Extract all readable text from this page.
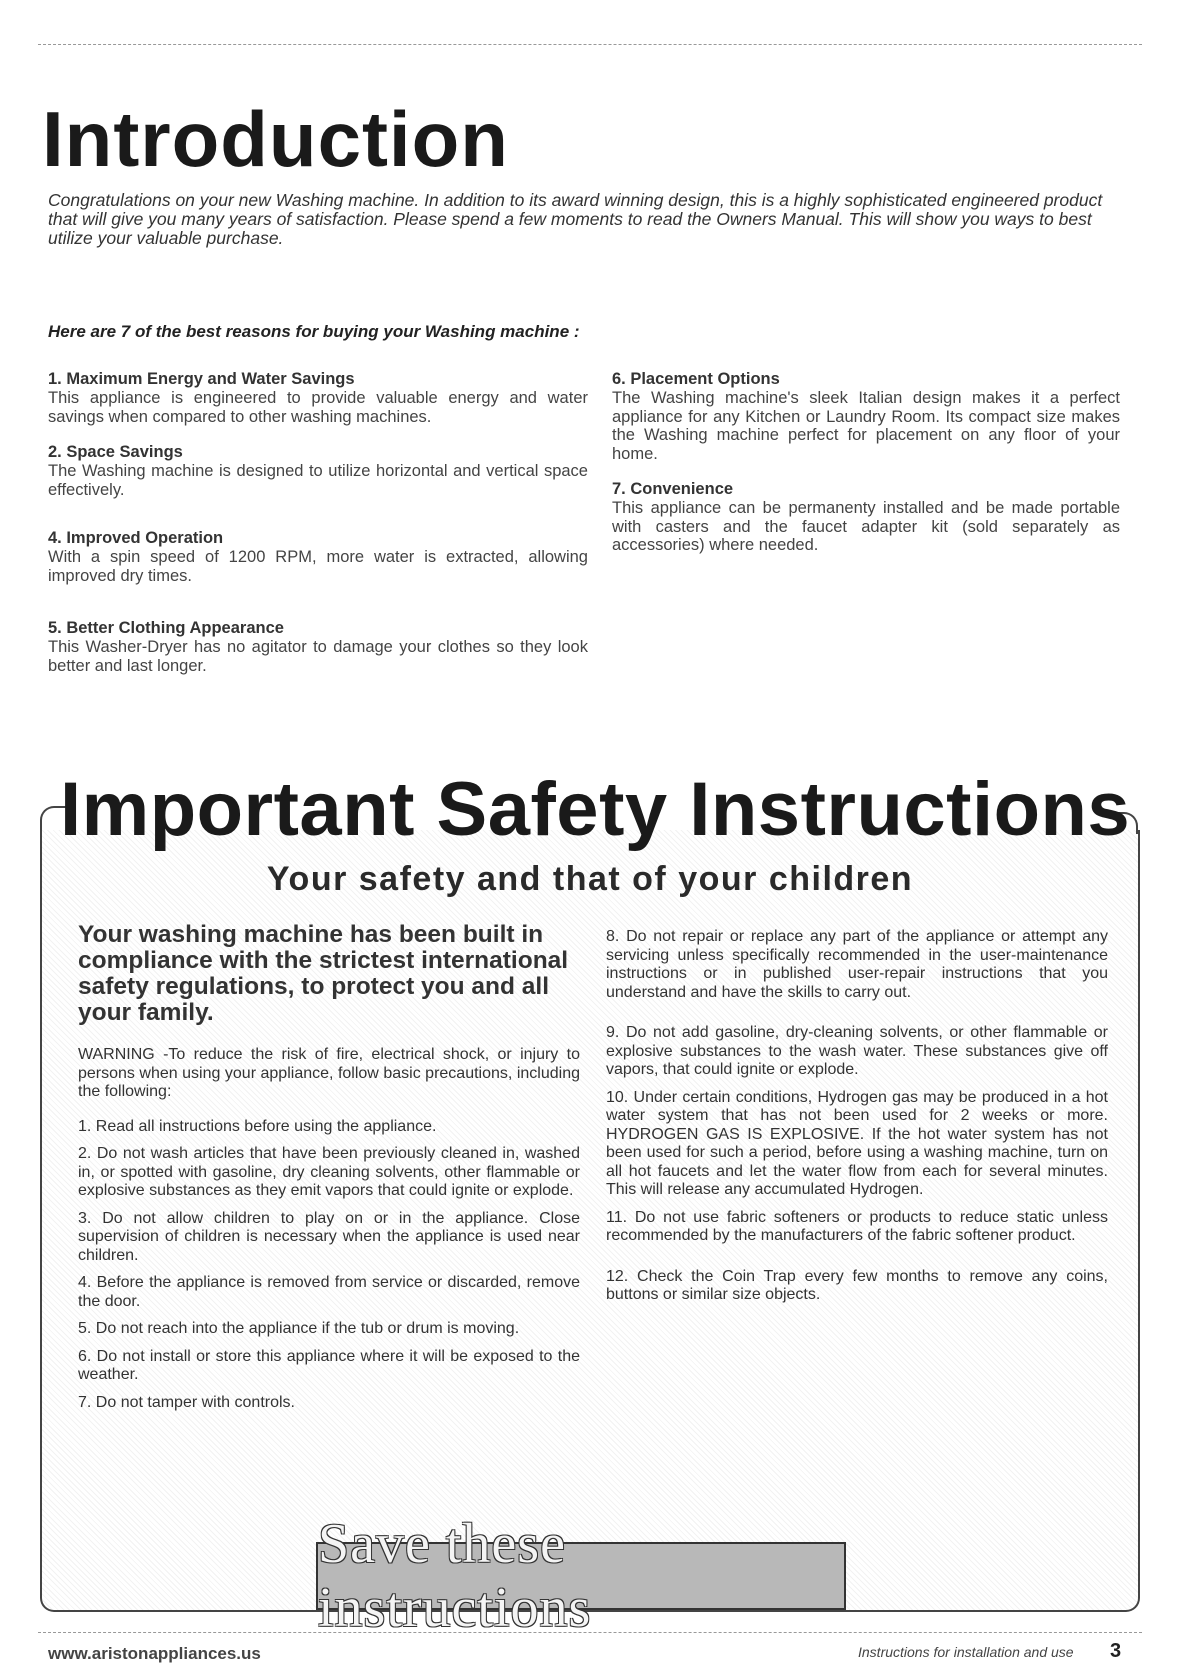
Introduction

Congratulations on your new Washing machine. In addition to its award winning design, this is a highly sophisticated engineered product that will give you many years of satisfaction. Please spend a few moments to read the Owners Manual. This will show you ways to best utilize your valuable purchase.

Here are 7 of the best reasons for buying your Washing machine :

1. Maximum Energy and Water Savings

This appliance is engineered to provide valuable energy and water savings when compared to other washing machines.

2. Space Savings

The Washing machine is designed to utilize horizontal and vertical space effectively.

4. Improved Operation

With a spin speed of 1200 RPM, more water is extracted, allowing improved dry times.

5. Better Clothing Appearance

This Washer-Dryer has no agitator to damage your clothes so they look better and last longer.

6. Placement Options

The Washing machine's sleek Italian design makes it a perfect appliance for any Kitchen or Laundry Room. Its compact size makes the Washing machine perfect for placement on any floor of your home.

7. Convenience

This appliance can be permanenty installed and be made portable with casters and the faucet adapter kit (sold separately as accessories) where needed.

Important Safety Instructions

Your safety and that of your children

Your washing machine has been built in compliance with the strictest international safety regulations, to protect you and all your family.

WARNING -To reduce the risk of fire, electrical shock, or injury to persons when using your appliance, follow basic precautions, including the following:

1. Read all instructions before using the appliance.

2. Do not wash articles that have been previously cleaned in, washed in, or spotted with gasoline, dry cleaning solvents, other flammable or explosive substances as they emit vapors that could ignite or explode.

3. Do not allow children to play on or in the appliance. Close supervision of children is necessary when the appliance is used near children.

4. Before the appliance is removed from service or discarded, remove the door.

5. Do not reach into the appliance if the tub or drum is moving.

6. Do not install or store this appliance where it will be exposed to the weather.

7. Do not tamper with controls.

8. Do not repair or replace any part of the appliance or attempt any servicing unless specifically recommended in the user-maintenance instructions or in published user-repair instructions that you understand and have the skills to carry out.

9. Do not add gasoline, dry-cleaning solvents, or other flammable or explosive substances to the wash water. These substances give off vapors, that could ignite or explode.

10. Under certain conditions, Hydrogen gas may be produced in a hot water system that has not been used for 2 weeks or more. HYDROGEN GAS IS EXPLOSIVE. If the hot water system has not been used for such a period, before using a washing machine, turn on all hot faucets and let the water flow from each for several minutes. This will release any accumulated Hydrogen.

11. Do not use fabric softeners or products to reduce static unless recommended by the manufacturers of the fabric softener product.

12. Check the Coin Trap every few months to remove any coins, buttons or similar size objects.

Save these instructions

www.aristonappliances.us	Instructions for installation and use 3
